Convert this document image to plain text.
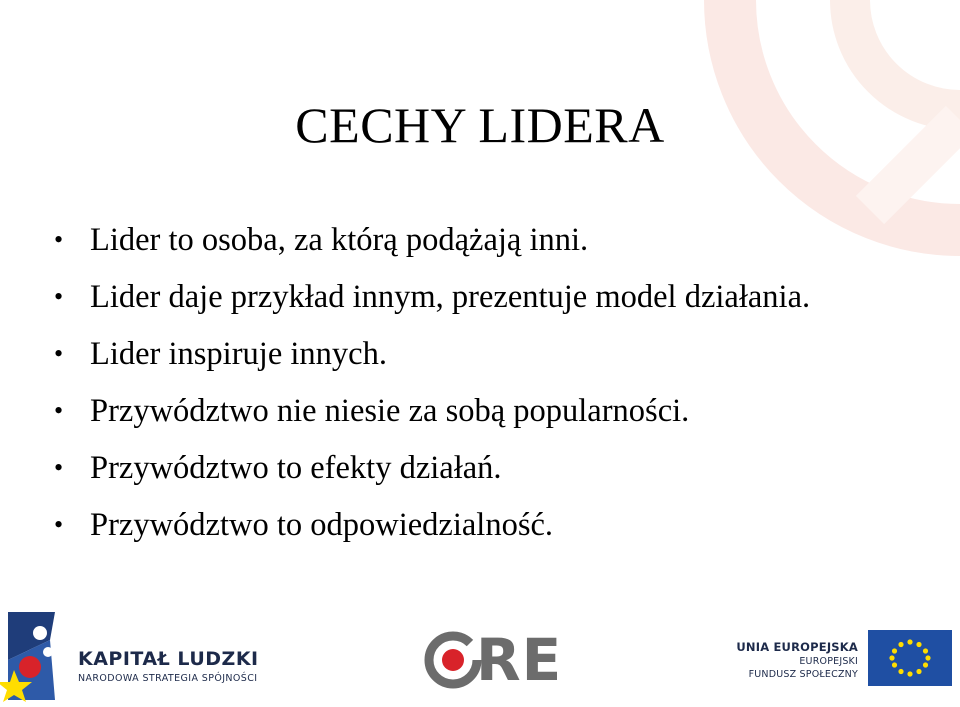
CECHY LIDERA
• Lider to osoba, za którą podążają inni.
• Lider daje przykład innym, prezentuje model działania.
• Lider inspiruje innych.
• Przywództwo nie niesie za sobą popularności.
• Przywództwo to efekty działań.
• Przywództwo to odpowiedzialność.
KAPITAŁ LUDZKI
NARODOWA STRATEGIA SPÓJNOŚCI	RE	UNIA EUROPEJSKA
EUROPEJSKI
FUNDUSZ SPOŁECZNY
